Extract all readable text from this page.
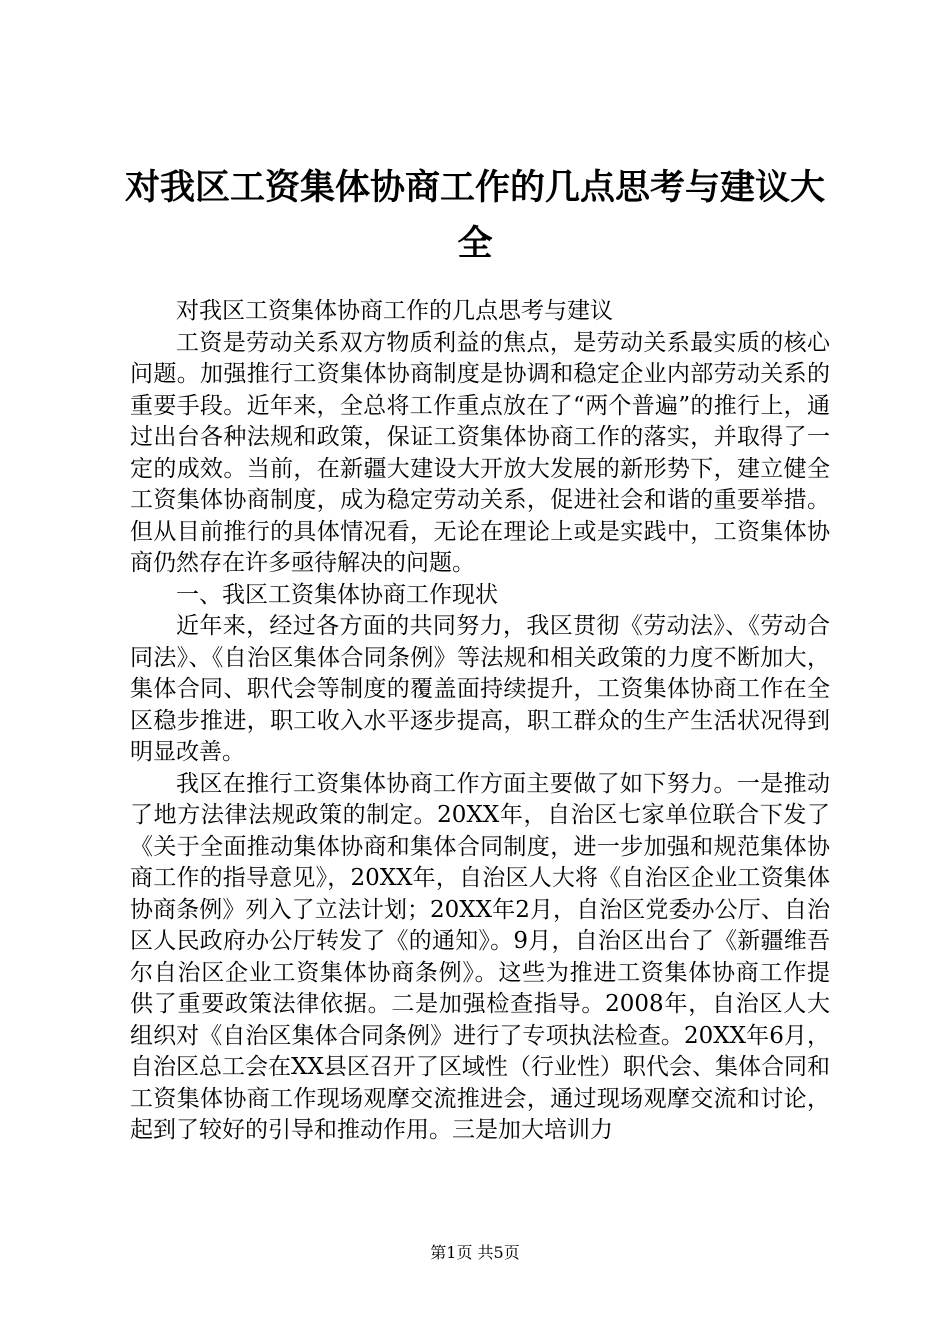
对我区工资集体协商工作的几点思考与建议大全

对我区工资集体协商工作的几点思考与建议

工资是劳动关系双方物质利益的焦点，是劳动关系最实质的核心问题。加强推行工资集体协商制度是协调和稳定企业内部劳动关系的重要手段。近年来，全总将工作重点放在了“两个普遍”的推行上，通过出台各种法规和政策，保证工资集体协商工作的落实，并取得了一定的成效。当前，在新疆大建设大开放大发展的新形势下，建立健全工资集体协商制度，成为稳定劳动关系，促进社会和谐的重要举措。但从目前推行的具体情况看，无论在理论上或是实践中，工资集体协商仍然存在许多亟待解决的问题。

一、我区工资集体协商工作现状

近年来，经过各方面的共同努力，我区贯彻《劳动法》、《劳动合同法》、《自治区集体合同条例》等法规和相关政策的力度不断加大，集体合同、职代会等制度的覆盖面持续提升，工资集体协商工作在全区稳步推进，职工收入水平逐步提高，职工群众的生产生活状况得到明显改善。

我区在推行工资集体协商工作方面主要做了如下努力。一是推动了地方法律法规政策的制定。20XX年，自治区七家单位联合下发了《关于全面推动集体协商和集体合同制度，进一步加强和规范集体协商工作的指导意见》，20XX年，自治区人大将《自治区企业工资集体协商条例》列入了立法计划；20XX年2月，自治区党委办公厅、自治区人民政府办公厅转发了《的通知》。9月，自治区出台了《新疆维吾尔自治区企业工资集体协商条例》。这些为推进工资集体协商工作提供了重要政策法律依据。二是加强检查指导。2008年，自治区人大组织对《自治区集体合同条例》进行了专项执法检查。20XX年6月，自治区总工会在XX县区召开了区域性（行业性）职代会、集体合同和工资集体协商工作现场观摩交流推进会，通过现场观摩交流和讨论，起到了较好的引导和推动作用。三是加大培训力

第1页 共5页
